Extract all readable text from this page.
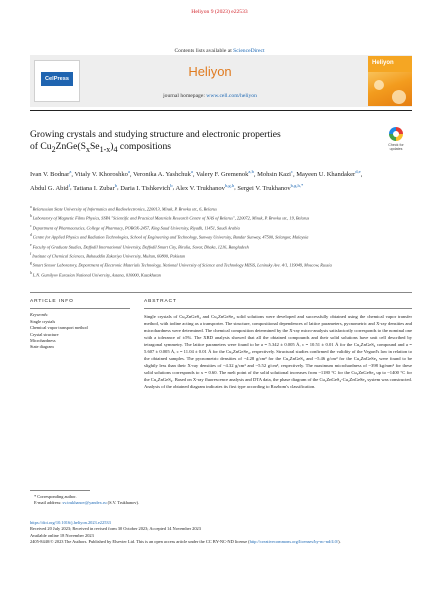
Heliyon 9 (2023) e22533
Contents lists available at ScienceDirect
CelPress	Heliyon
journal homepage: www.cell.com/heliyon
Heliyon
Growing crystals and studying structure and electronic properties
of $Cu_2ZnGe(S_xSe_{1-x})_4$ compositions	Check for updates
Ivan V. Bodnar$^a$, Vitaly V. Khoroshko$^a$, Veronika A. Yashchuk$^a$, Valery F. Gremenok$^{a,b}$, Mohsin Kazi$^c$, Mayeen U. Khandaker$^{d,e}$, Abdul G. Abid$^f$, Tatiana I. Zubar$^b$, Daria I. Tishkevich$^b$, Alex V. Trukhanov$^{b,g,h}$, Sergei V. Trukhanov$^{b,g,h,*}$
$^a$Belarussian State University of Informatics and Radioelectronics, 220013, Minsk, P. Brovka str., 6, Belarus
$^b$Laboratory of Magnetic Films Physics, SSPA "Scientific and Practical Materials Research Centre of NAS of Belarus", 220072, Minsk, P. Brovka str., 19, Belarus
$^c$Department of Pharmaceutics, College of Pharmacy, POBOX-2457, King Saud University, Riyadh, 11451, Saudi Arabia
$^d$Centre for Applied Physics and Radiation Technologies, School of Engineering and Technology, Sunway University, Bandar Sunway, 47500, Selangor, Malaysia
$^e$Faculty of Graduate Studies, Daffodil International University, Daffodil Smart City, Birulia, Savar, Dhaka, 1216, Bangladesh
$^f$Institute of Chemical Sciences, Bahauddin Zakariya University, Multan, 60800, Pakistan
$^g$Smart Sensor Laboratory, Department of Electronic Materials Technology, National University of Science and Technology MISiS, Leninsky Ave. 4/1, 119049, Moscow, Russia
$^h$L.N. Gumilyov Eurasian National University, Astana, 010000, Kazakhstan
ARTICLE INFO	ABSTRACT
Keywords:
Single crystals
Chemical vapor transport method
Crystal structure
Microhardness
State diagram
Single crystals of Cu₂ZnGeS₄ and Cu₂ZnGeSe₄ solid solutions were developed and successfully obtained using the chemical vapor transfer method, with iodine acting as a transporter. The structure, compositional dependences of lattice parameters, pycnometric and X-ray densities and microhardness were determined. The chemical composition determined by the X-ray micro-analysis satisfactorily corresponds to the nominal one with a tolerance of ±5%. The XRD analysis showed that all the obtained compounds and their solid solutions have unit cell described by tetragonal symmetry. The lattice parameters were found to be a = 5.342 ± 0.005 Å, c = 10.51 ± 0.01 Å for the Cu₂ZnGeS₄ compound and a = 5.607 ± 0.005 Å, c = 11.04 ± 0.01 Å for the Cu₂ZnGeSe₄, respectively. Structural studies confirmed the validity of the Vegard's law in relation to the obtained samples. The pycnometric densities of ~4.28 g/cm³ for the Cu₂ZnGeS₄ and ~5.46 g/cm³ for the Cu₂ZnGeSe₄ were found to be slightly less than their X-ray densities of ~4.32 g/cm³ and ~5.52 g/cm³, respectively. The maximum microhardness of ~398 kg/mm² for these solid solutions corresponds to x = 0.60. The melt point of the solid solutional increases from ~1180 °C for the Cu₂ZnGeSe₄ up to ~1400 °C for the Cu₂ZnGeS₄. Based on X-ray fluorescence analysis and DTA data, the phase diagram of the Cu₂ZnGeS₄-Cu₂ZnGeSe₄ system was constructed. Analysis of the obtained diagram indicates its first type according to Rozbom's classification.
* Corresponding author.
E-mail address: sv.trukhanov@yandex.ru (S.V. Trukhanov).
https://doi.org/10.1016/j.heliyon.2023.e22533
Received 20 July 2023; Received in revised form 30 October 2023; Accepted 14 November 2023
Available online 18 November 2023
2405-8440/© 2023 The Authors. Published by Elsevier Ltd. This is an open access article under the CC BY-NC-ND license (http://creativecommons.org/licenses/by-nc-nd/4.0/).
